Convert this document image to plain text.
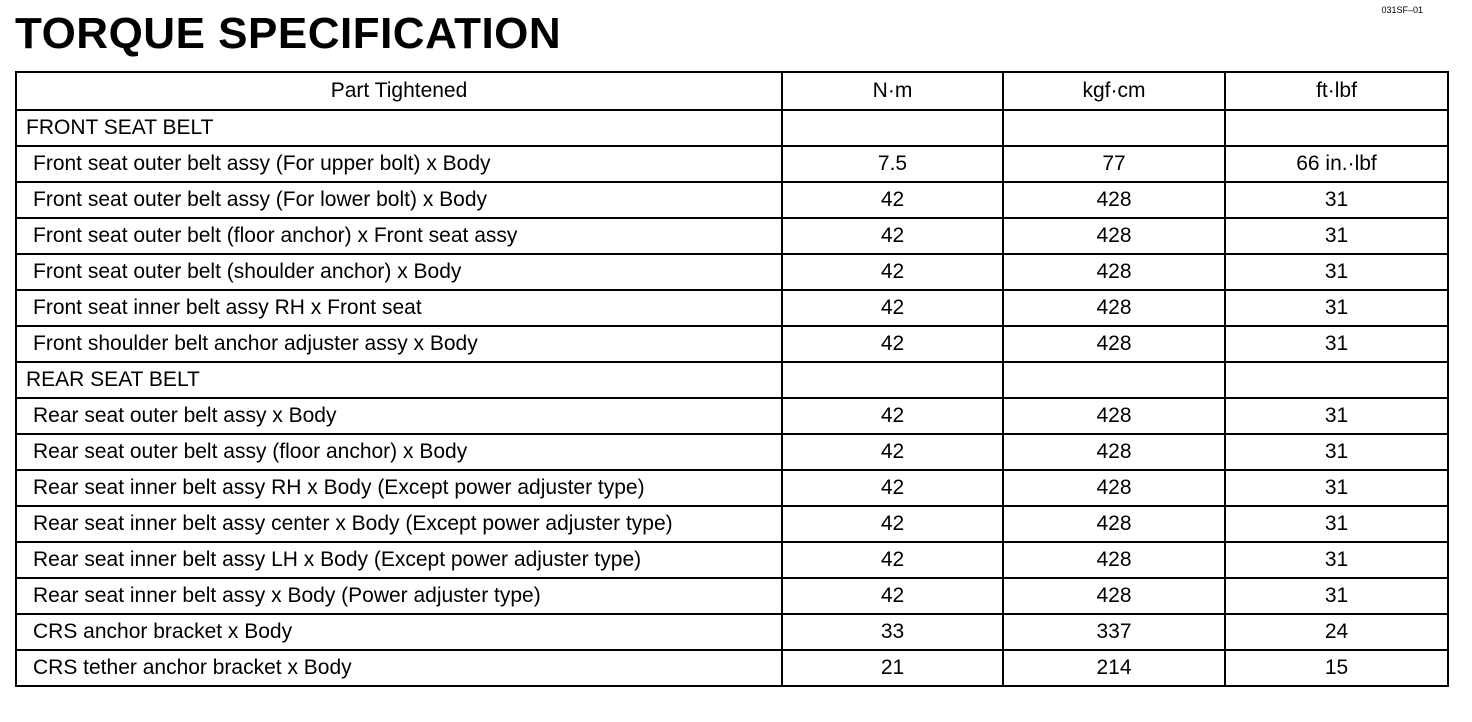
031SF–01
TORQUE SPECIFICATION
Part Tightened	N·m	kgf·cm	ft·lbf
FRONT SEAT BELT			
Front seat outer belt assy (For upper bolt) x Body	7.5	77	66 in.·lbf
Front seat outer belt assy (For lower bolt) x Body	42	428	31
Front seat outer belt (floor anchor) x Front seat assy	42	428	31
Front seat outer belt (shoulder anchor) x Body	42	428	31
Front seat inner belt assy RH x Front seat	42	428	31
Front shoulder belt anchor adjuster assy x Body	42	428	31
REAR SEAT BELT			
Rear seat outer belt assy x Body	42	428	31
Rear seat outer belt assy (floor anchor) x Body	42	428	31
Rear seat inner belt assy RH x Body (Except power adjuster type)	42	428	31
Rear seat inner belt assy center x Body (Except power adjuster type)	42	428	31
Rear seat inner belt assy LH x Body (Except power adjuster type)	42	428	31
Rear seat inner belt assy x Body (Power adjuster type)	42	428	31
CRS anchor bracket x Body	33	337	24
CRS tether anchor bracket x Body	21	214	15
